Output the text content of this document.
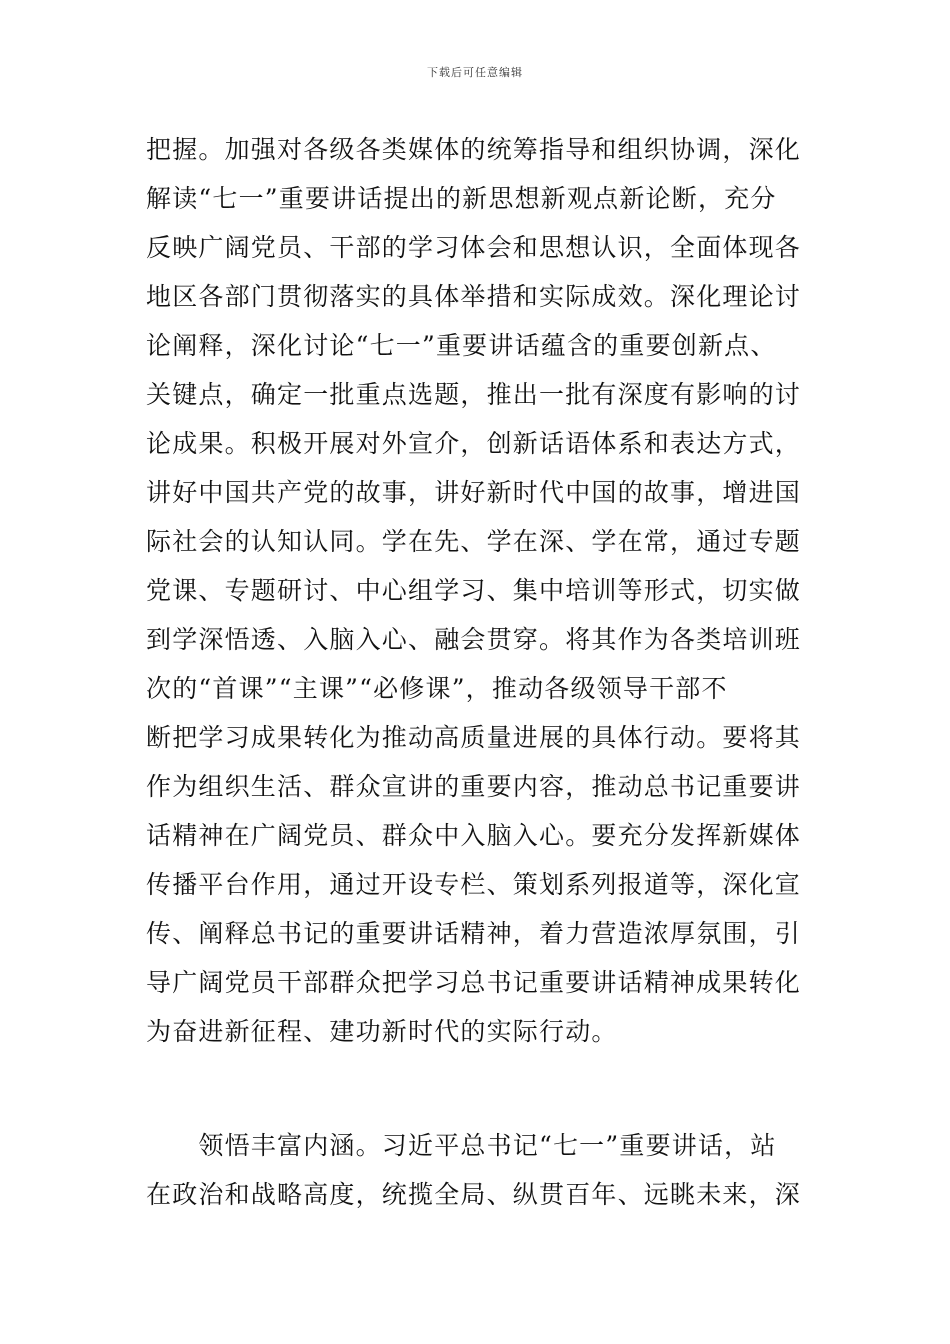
下载后可任意编辑
把握。加强对各级各类媒体的统筹指导和组织协调，深化
解读“七一”重要讲话提出的新思想新观点新论断，充分
反映广阔党员、干部的学习体会和思想认识，全面体现各
地区各部门贯彻落实的具体举措和实际成效。深化理论讨
论阐释，深化讨论“七一”重要讲话蕴含的重要创新点、
关键点，确定一批重点选题，推出一批有深度有影响的讨
论成果。积极开展对外宣介，创新话语体系和表达方式，
讲好中国共产党的故事，讲好新时代中国的故事，增进国
际社会的认知认同。学在先、学在深、学在常，通过专题
党课、专题研讨、中心组学习、集中培训等形式，切实做
到学深悟透、入脑入心、融会贯穿。将其作为各类培训班
次的“首课”“主课”“必修课”，推动各级领导干部不
断把学习成果转化为推动高质量进展的具体行动。要将其
作为组织生活、群众宣讲的重要内容，推动总书记重要讲
话精神在广阔党员、群众中入脑入心。要充分发挥新媒体
传播平台作用，通过开设专栏、策划系列报道等，深化宣
传、阐释总书记的重要讲话精神，着力营造浓厚氛围，引
导广阔党员干部群众把学习总书记重要讲话精神成果转化
为奋进新征程、建功新时代的实际行动。
　　领悟丰富内涵。习近平总书记“七一”重要讲话，站
在政治和战略高度，统揽全局、纵贯百年、远眺未来，深
